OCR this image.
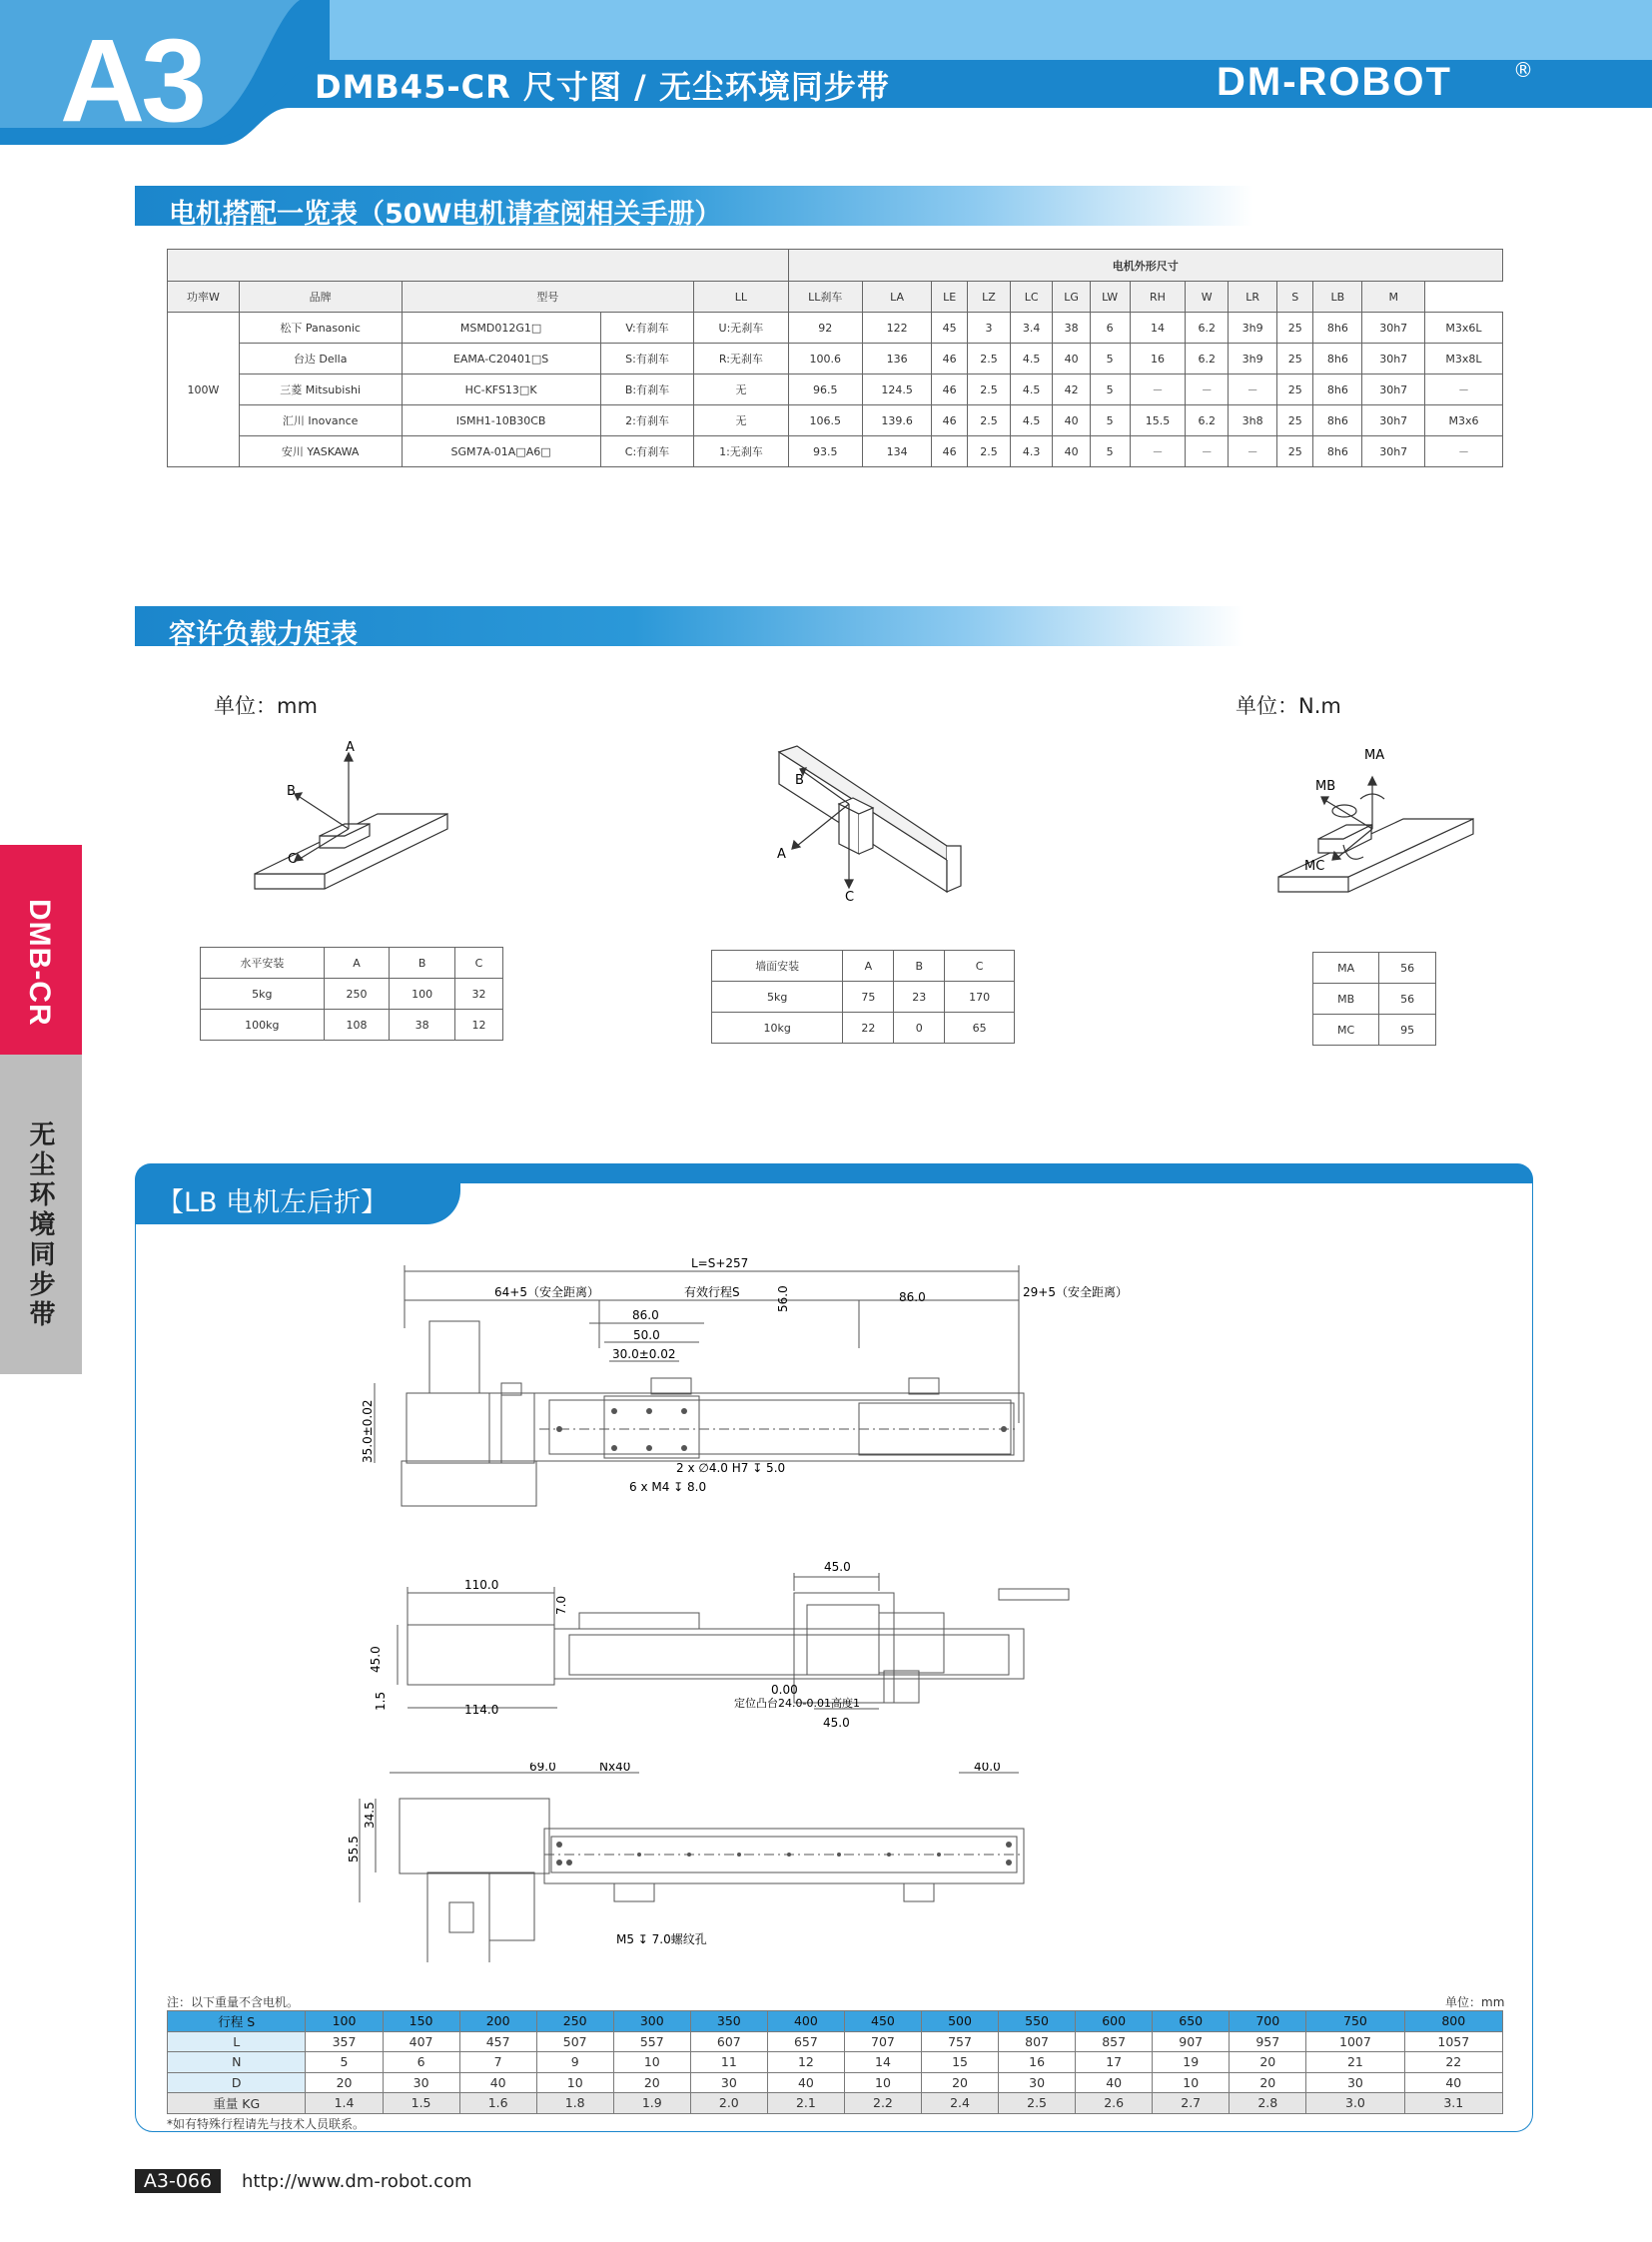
A3	DMB45-CR 尺寸图 / 无尘环境同步带	DM-ROBOT	®
DMB-CR
无尘环境同步带
电机搭配一览表（50W电机请查阅相关手册）
					电机外形尺寸													
功率W	品牌	型号		LL	LL刹车	LA	LE	LZ	LC	LG	LW	RH	W	LR	S	LB	M	
100W	松下 Panasonic	MSMD012G1□	V:有刹车	U:无刹车	92	122	45	3	3.4	38	6	14	6.2	3h9	25	8h6	30h7	M3x6L
	台达 Della	EAMA-C20401□S	S:有刹车	R:无刹车	100.6	136	46	2.5	4.5	40	5	16	6.2	3h9	25	8h6	30h7	M3x8L
	三菱 Mitsubishi	HC-KFS13□K	B:有刹车	无	96.5	124.5	46	2.5	4.5	42	5	－	－	－	25	8h6	30h7	－
	汇川 Inovance	ISMH1-10B30CB	2:有刹车	无	106.5	139.6	46	2.5	4.5	40	5	15.5	6.2	3h8	25	8h6	30h7	M3x6
	安川 YASKAWA	SGM7A-01A□A6□	C:有刹车	1:无刹车	93.5	134	46	2.5	4.3	40	5	－	－	－	25	8h6	30h7	－
容许负载力矩表
单位：mm	单位：N.m
A
B
C
B
A
C
MA
MB
MC
水平安装	A	B	C
5kg	250	100	32
100kg	108	38	12
墙面安装	A	B	C
5kg	75	23	170
10kg	22	0	65
MA	56
MB	56
MC	95
【LB 电机左后折】
L=S+257
64+5（安全距离）	有效行程S	29+5（安全距离）
86.0
86.0
50.0
30.0±0.02
35.0±0.02
2 x ∅4.0 H7 ↧ 5.0
6 x M4 ↧ 8.0
110.0
7.0
45.0
1.5	114.0
45.0
56.0
0.00
定位凸台24.0-0.01高度1
45.0
69.0	Nx40	40.0
55.5
34.5
M5 ↧ 7.0螺纹孔
注：以下重量不含电机。	单位：mm
行程 S	100	150	200	250	300	350	400	450	500	550	600	650	700	750	800
L	357	407	457	507	557	607	657	707	757	807	857	907	957	1007	1057
N	5	6	7	9	10	11	12	14	15	16	17	19	20	21	22
D	20	30	40	10	20	30	40	10	20	30	40	10	20	30	40
重量 KG	1.4	1.5	1.6	1.8	1.9	2.0	2.1	2.2	2.4	2.5	2.6	2.7	2.8	3.0	3.1
*如有特殊行程请先与技术人员联系。
A3-066	http://www.dm-robot.com
